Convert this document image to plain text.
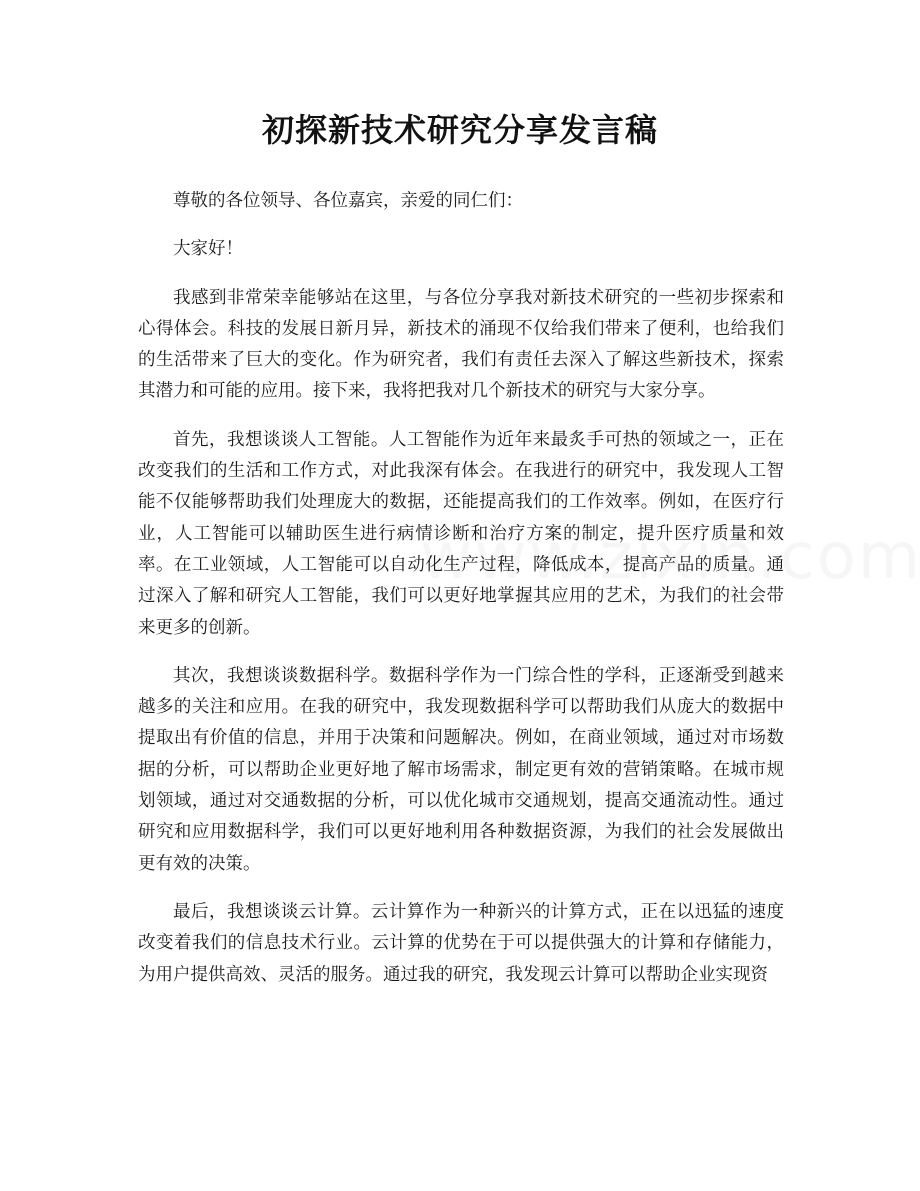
初探新技术研究分享发言稿

尊敬的各位领导、各位嘉宾，亲爱的同仁们：

大家好！

我感到非常荣幸能够站在这里，与各位分享我对新技术研究的一些初步探索和心得体会。科技的发展日新月异，新技术的涌现不仅给我们带来了便利，也给我们的生活带来了巨大的变化。作为研究者，我们有责任去深入了解这些新技术，探索其潜力和可能的应用。接下来，我将把我对几个新技术的研究与大家分享。

首先，我想谈谈人工智能。人工智能作为近年来最炙手可热的领域之一，正在改变我们的生活和工作方式，对此我深有体会。在我进行的研究中，我发现人工智能不仅能够帮助我们处理庞大的数据，还能提高我们的工作效率。例如，在医疗行业，人工智能可以辅助医生进行病情诊断和治疗方案的制定，提升医疗质量和效率。在工业领域，人工智能可以自动化生产过程，降低成本，提高产品的质量。通过深入了解和研究人工智能，我们可以更好地掌握其应用的艺术，为我们的社会带来更多的创新。

其次，我想谈谈数据科学。数据科学作为一门综合性的学科，正逐渐受到越来越多的关注和应用。在我的研究中，我发现数据科学可以帮助我们从庞大的数据中提取出有价值的信息，并用于决策和问题解决。例如，在商业领域，通过对市场数据的分析，可以帮助企业更好地了解市场需求，制定更有效的营销策略。在城市规划领域，通过对交通数据的分析，可以优化城市交通规划，提高交通流动性。通过研究和应用数据科学，我们可以更好地利用各种数据资源，为我们的社会发展做出更有效的决策。

最后，我想谈谈云计算。云计算作为一种新兴的计算方式，正在以迅猛的速度改变着我们的信息技术行业。云计算的优势在于可以提供强大的计算和存储能力，为用户提供高效、灵活的服务。通过我的研究，我发现云计算可以帮助企业实现资
